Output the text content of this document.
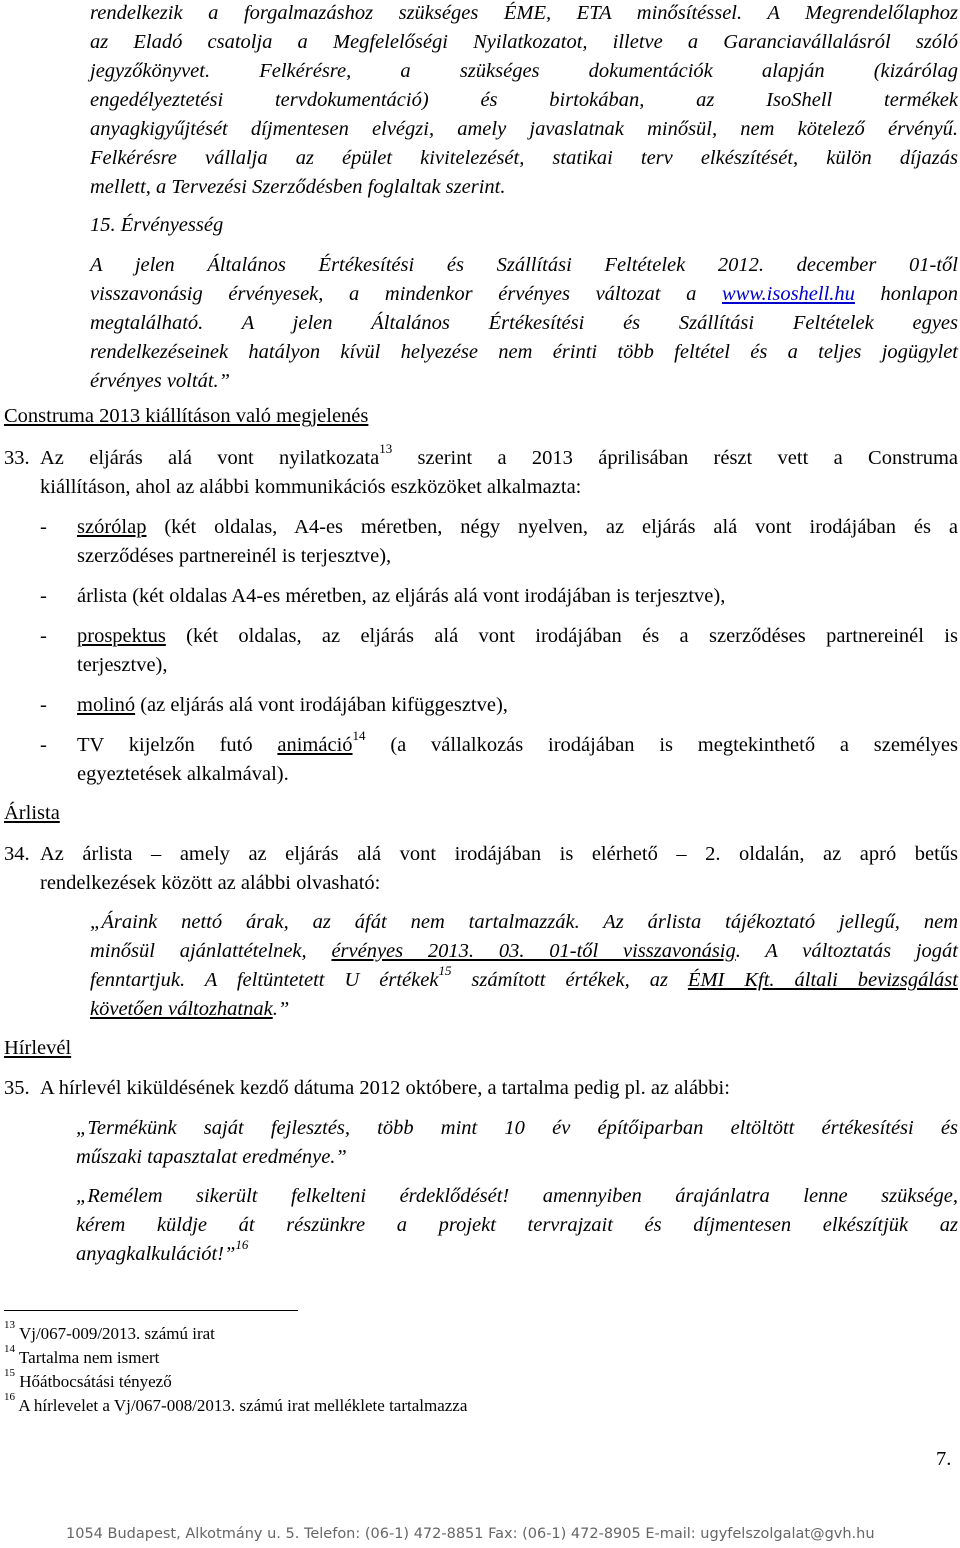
rendelkezik a forgalmazáshoz szükséges ÉME, ETA minősítéssel. A Megrendelőlaphoz
az Eladó csatolja a Megfelelőségi Nyilatkozatot, illetve a Garanciavállalásról szóló
jegyzőkönyvet. Felkérésre, a szükséges dokumentációk alapján (kizárólag
engedélyeztetési tervdokumentáció) és birtokában, az IsoShell termékek
anyagkigyűjtését díjmentesen elvégzi, amely javaslatnak minősül, nem kötelező érvényű.
Felkérésre vállalja az épület kivitelezését, statikai terv elkészítését, külön díjazás
mellett, a Tervezési Szerződésben foglaltak szerint.
15. Érvényesség
A jelen Általános Értékesítési és Szállítási Feltételek 2012. december 01-től
visszavonásig érvényesek, a mindenkor érvényes változat a www.isoshell.hu honlapon
megtalálható. A jelen Általános Értékesítési és Szállítási Feltételek egyes
rendelkezéseinek hatályon kívül helyezése nem érinti több feltétel és a teljes jogügylet
érvényes voltát.”
Construma 2013 kiállításon való megjelenés
33. Az eljárás alá vont nyilatkozata$^{13}$ szerint a 2013 áprilisában részt vett a Construma
kiállításon, ahol az alábbi kommunikációs eszközöket alkalmazta:
- szórólap (két oldalas, A4-es méretben, négy nyelven, az eljárás alá vont irodájában és a
szerződéses partnereinél is terjesztve),
- árlista (két oldalas A4-es méretben, az eljárás alá vont irodájában is terjesztve),
- prospektus (két oldalas, az eljárás alá vont irodájában és a szerződéses partnereinél is
terjesztve),
- molinó (az eljárás alá vont irodájában kifüggesztve),
- TV kijelzőn futó animáció$^{14}$ (a vállalkozás irodájában is megtekinthető a személyes
egyeztetések alkalmával).
Árlista
34. Az árlista – amely az eljárás alá vont irodájában is elérhető – 2. oldalán, az apró betűs
rendelkezések között az alábbi olvasható:
„Áraink nettó árak, az áfát nem tartalmazzák. Az árlista tájékoztató jellegű, nem
minősül ajánlattételnek, érvényes 2013. 03. 01-től visszavonásig. A változtatás jogát
fenntartjuk. A feltüntetett U értékek$^{15}$ számított értékek, az ÉMI Kft. általi bevizsgálást
követően változhatnak.”
Hírlevél
35. A hírlevél kiküldésének kezdő dátuma 2012 októbere, a tartalma pedig pl. az alábbi:
„Termékünk saját fejlesztés, több mint 10 év építőiparban eltöltött értékesítési és
műszaki tapasztalat eredménye.”
„Remélem sikerült felkelteni érdeklődését! amennyiben árajánlatra lenne szüksége,
kérem küldje át részünkre a projekt tervrajzait és díjmentesen elkészítjük az
anyagkalkulációt!”$^{16}$
$^{13}$ Vj/067-009/2013. számú irat
$^{14}$ Tartalma nem ismert
$^{15}$ Hőátbocsátási tényező
$^{16}$ A hírlevelet a Vj/067-008/2013. számú irat melléklete tartalmazza
7.
1054 Budapest, Alkotmány u. 5. Telefon: (06-1) 472-8851 Fax: (06-1) 472-8905 E-mail: ugyfelszolgalat@gvh.hu
